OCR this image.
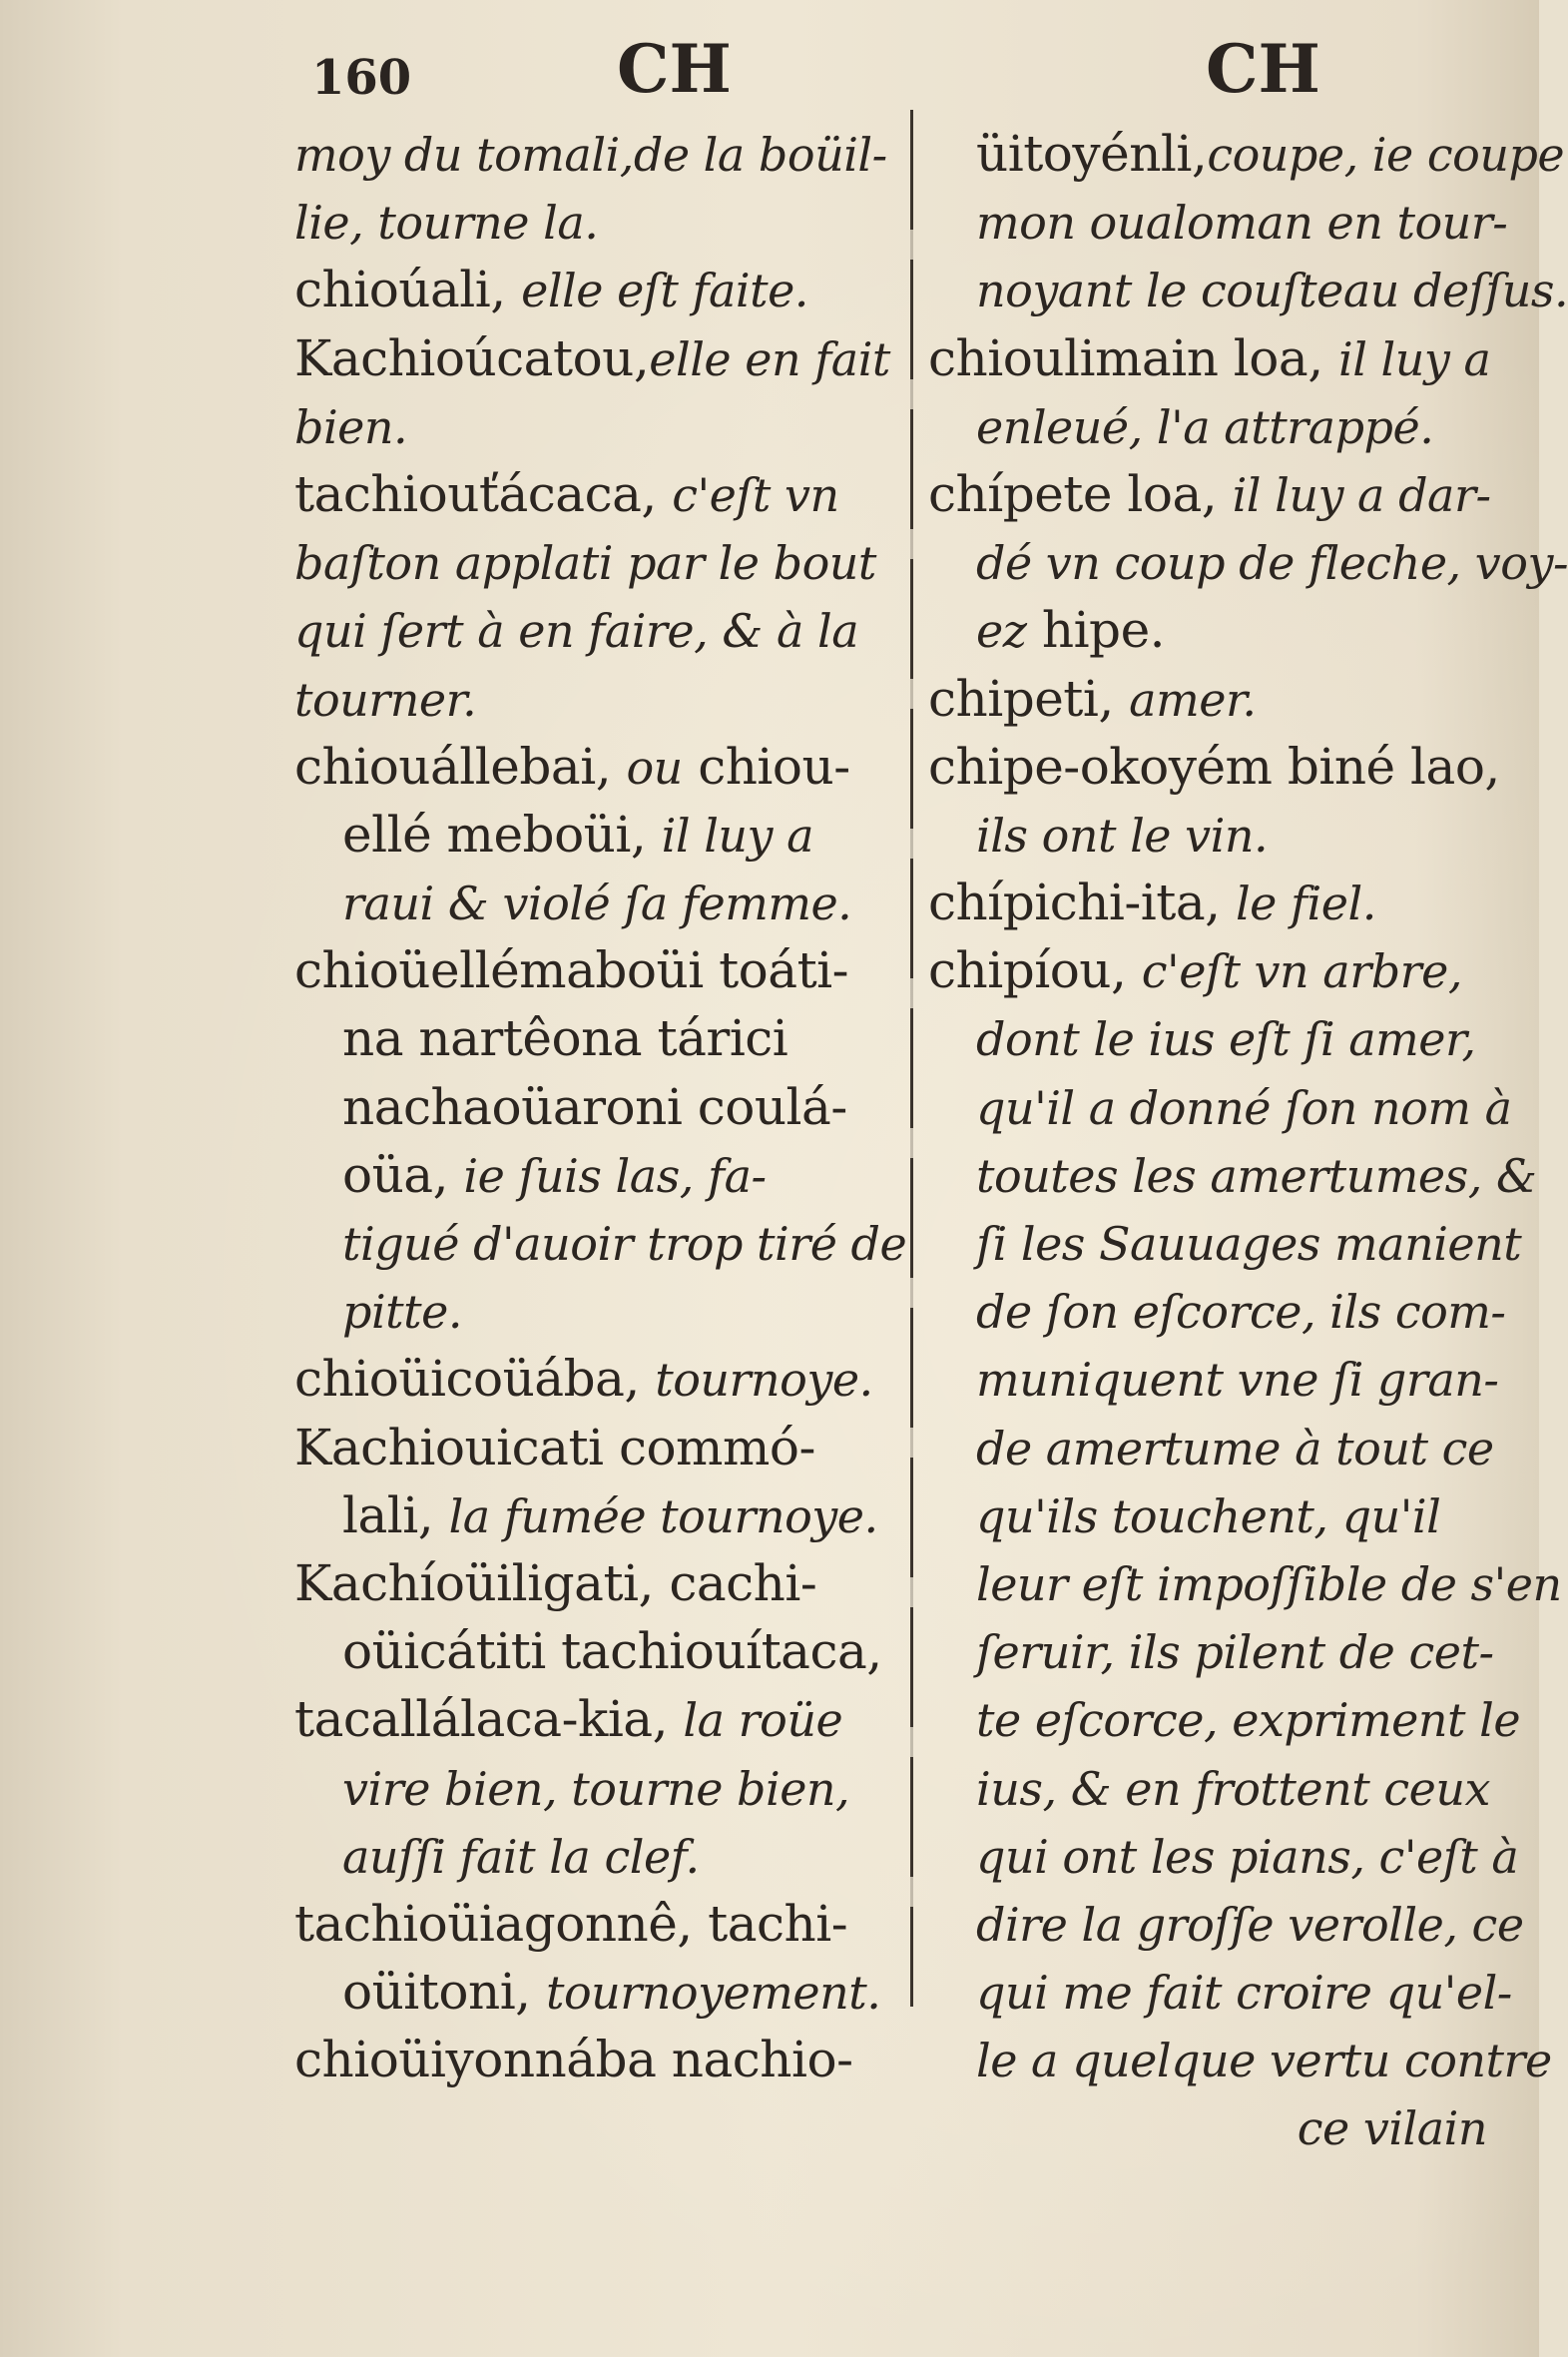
160	CH	CH
moy du tomali,de la boüil-
lie, tourne la.
chioúali, elle eſt faite.
Kachioúcatou,elle en fait
bien.
tachiouťácaca, c'eſt vn
baſton applati par le bout
qui ſert à en faire, & à la
tourner.
chiouállebai, ou chiou-
ellé meboüi, il luy a
raui & violé ſa femme.
chioüellémaboüi toáti-
na nartêona tárici
nachaoüaroni coulá-
oüa, ie ſuis las, fa-
tigué d'auoir trop tiré de
pitte.
chioüicoüába, tournoye.
Kachiouicati commó-
lali, la fumée tournoye.
Kachíoüiligati, cachi-
oüicátiti tachiouítaca,
tacallálaca-kia, la roüe
vire bien, tourne bien,
auſſi fait la clef.
tachioüiagonnê, tachi-
oüitoni, tournoyement.
chioüiyonnába nachio-
üitoyénli,coupe, ie coupe
mon oualoman en tour-
noyant le couſteau deſſus.
chioulimain loa, il luy a
enleué, l'a attrappé.
chípete loa, il luy a dar-
dé vn coup de fleche, voy-
ez hipe.
chipeti, amer.
chipe-okoyém biné lao,
ils ont le vin.
chípichi-ita, le fiel.
chipíou, c'eſt vn arbre,
dont le ius eſt ſi amer,
qu'il a donné ſon nom à
toutes les amertumes, &
ſi les Sauuages manient
de ſon eſcorce, ils com-
muniquent vne ſi gran-
de amertume à tout ce
qu'ils touchent, qu'il
leur eſt impoſſible de s'en
ſeruir, ils pilent de cet-
te eſcorce, expriment le
ius, & en frottent ceux
qui ont les pians, c'eſt à
dire la groſſe verolle, ce
qui me fait croire qu'el-
le a quelque vertu contre
ce vilain
